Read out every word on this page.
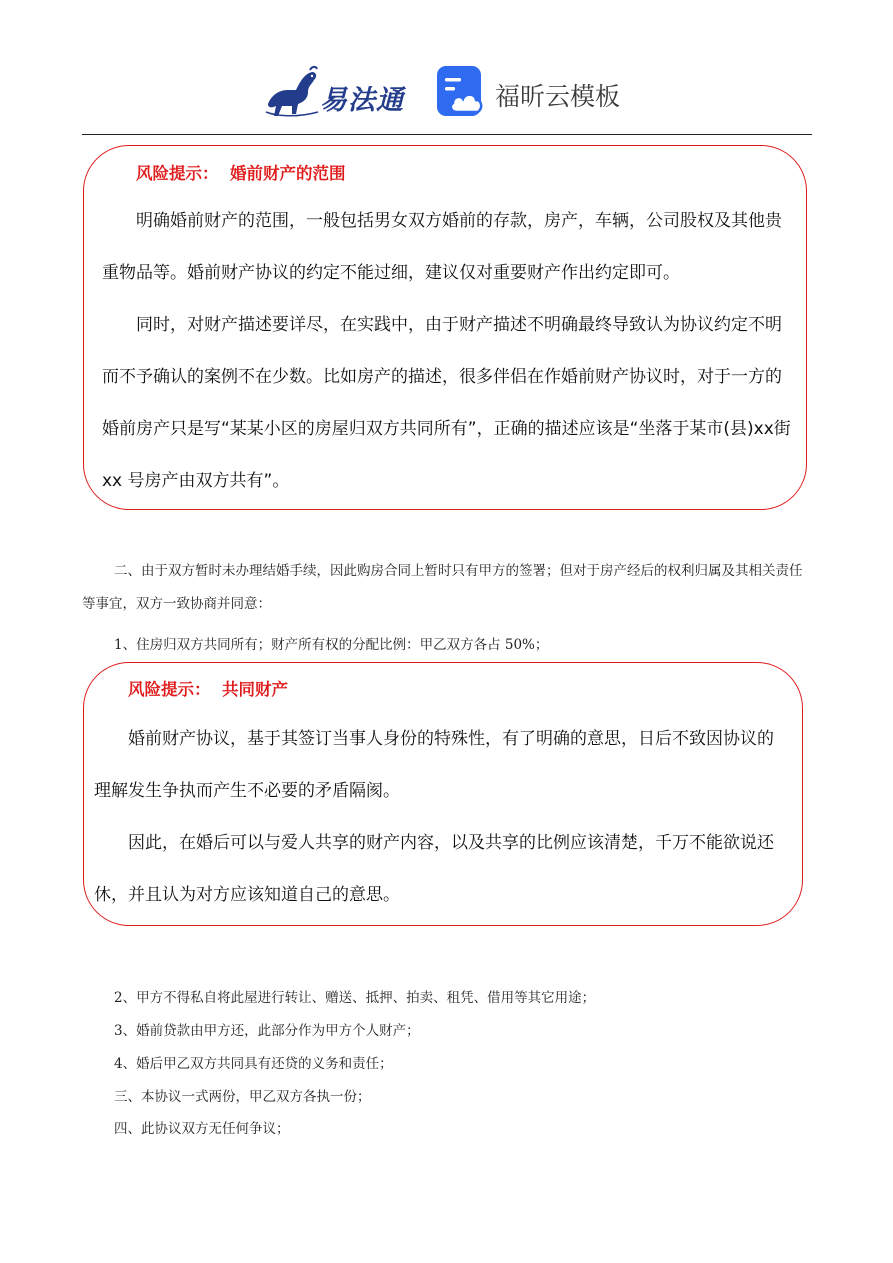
易法通	福昕云模板
风险提示：  婚前财产的范围

明确婚前财产的范围，一般包括男女双方婚前的存款，房产，车辆，公司股权及其他贵重物品等。婚前财产协议的约定不能过细，建议仅对重要财产作出约定即可。

同时，对财产描述要详尽，在实践中，由于财产描述不明确最终导致认为协议约定不明而不予确认的案例不在少数。比如房产的描述，很多伴侣在作婚前财产协议时，对于一方的婚前房产只是写“某某小区的房屋归双方共同所有”，正确的描述应该是“坐落于某市(县)xx街 xx 号房产由双方共有”。

二、由于双方暂时未办理结婚手续，因此购房合同上暂时只有甲方的签署；但对于房产经后的权利归属及其相关责任等事宜，双方一致协商并同意：

1、住房归双方共同所有；财产所有权的分配比例：甲乙双方各占 50%；

风险提示：  共同财产

婚前财产协议，基于其签订当事人身份的特殊性，有了明确的意思，日后不致因协议的理解发生争执而产生不必要的矛盾隔阂。

因此，在婚后可以与爱人共享的财产内容，以及共享的比例应该清楚，千万不能欲说还休，并且认为对方应该知道自己的意思。

2、甲方不得私自将此屋进行转让、赠送、抵押、拍卖、租凭、借用等其它用途；

3、婚前贷款由甲方还，此部分作为甲方个人财产；

4、婚后甲乙双方共同具有还贷的义务和责任；

三、本协议一式两份，甲乙双方各执一份；

四、此协议双方无任何争议；
